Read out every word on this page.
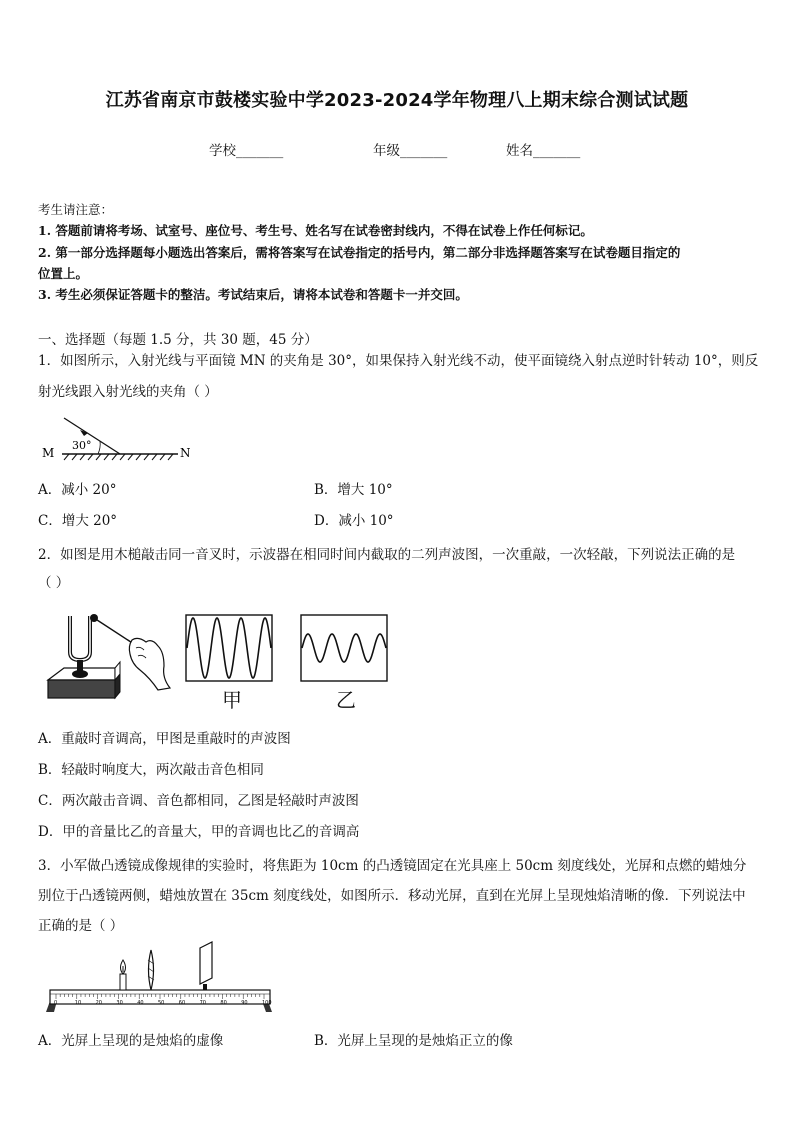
江苏省南京市鼓楼实验中学2023-2024学年物理八上期末综合测试试题
学校_______	年级_______	姓名_______
考生请注意：
1. 答题前请将考场、试室号、座位号、考生号、姓名写在试卷密封线内，不得在试卷上作任何标记。
2. 第一部分选择题每小题选出答案后，需将答案写在试卷指定的括号内，第二部分非选择题答案写在试卷题目指定的
位置上。
3. 考生必须保证答题卡的整洁。考试结束后，请将本试卷和答题卡一并交回。
一、选择题（每题 1.5 分，共 30 题，45 分）
1．如图所示，入射光线与平面镜 MN 的夹角是 30°，如果保持入射光线不动，使平面镜绕入射点逆时针转动 10°，则反
射光线跟入射光线的夹角（ ）
30°
M	N
A．减小 20°	B．增大 10°
C．增大 20°	D．减小 10°
2．如图是用木槌敲击同一音叉时，示波器在相同时间内截取的二列声波图，一次重敲，一次轻敲，下列说法正确的是
（ ）
甲	乙
A．重敲时音调高，甲图是重敲时的声波图
B．轻敲时响度大，两次敲击音色相同
C．两次敲击音调、音色都相同，乙图是轻敲时声波图
D．甲的音量比乙的音量大，甲的音调也比乙的音调高
3．小军做凸透镜成像规律的实验时，将焦距为 10cm 的凸透镜固定在光具座上 50cm 刻度线处，光屏和点燃的蜡烛分
别位于凸透镜两侧，蜡烛放置在 35cm 刻度线处，如图所示．移动光屏，直到在光屏上呈现烛焰清晰的像．下列说法中
正确的是（ ）
0	10	20	30	40	50	60	70	80	90	100
A．光屏上呈现的是烛焰的虚像	B．光屏上呈现的是烛焰正立的像
